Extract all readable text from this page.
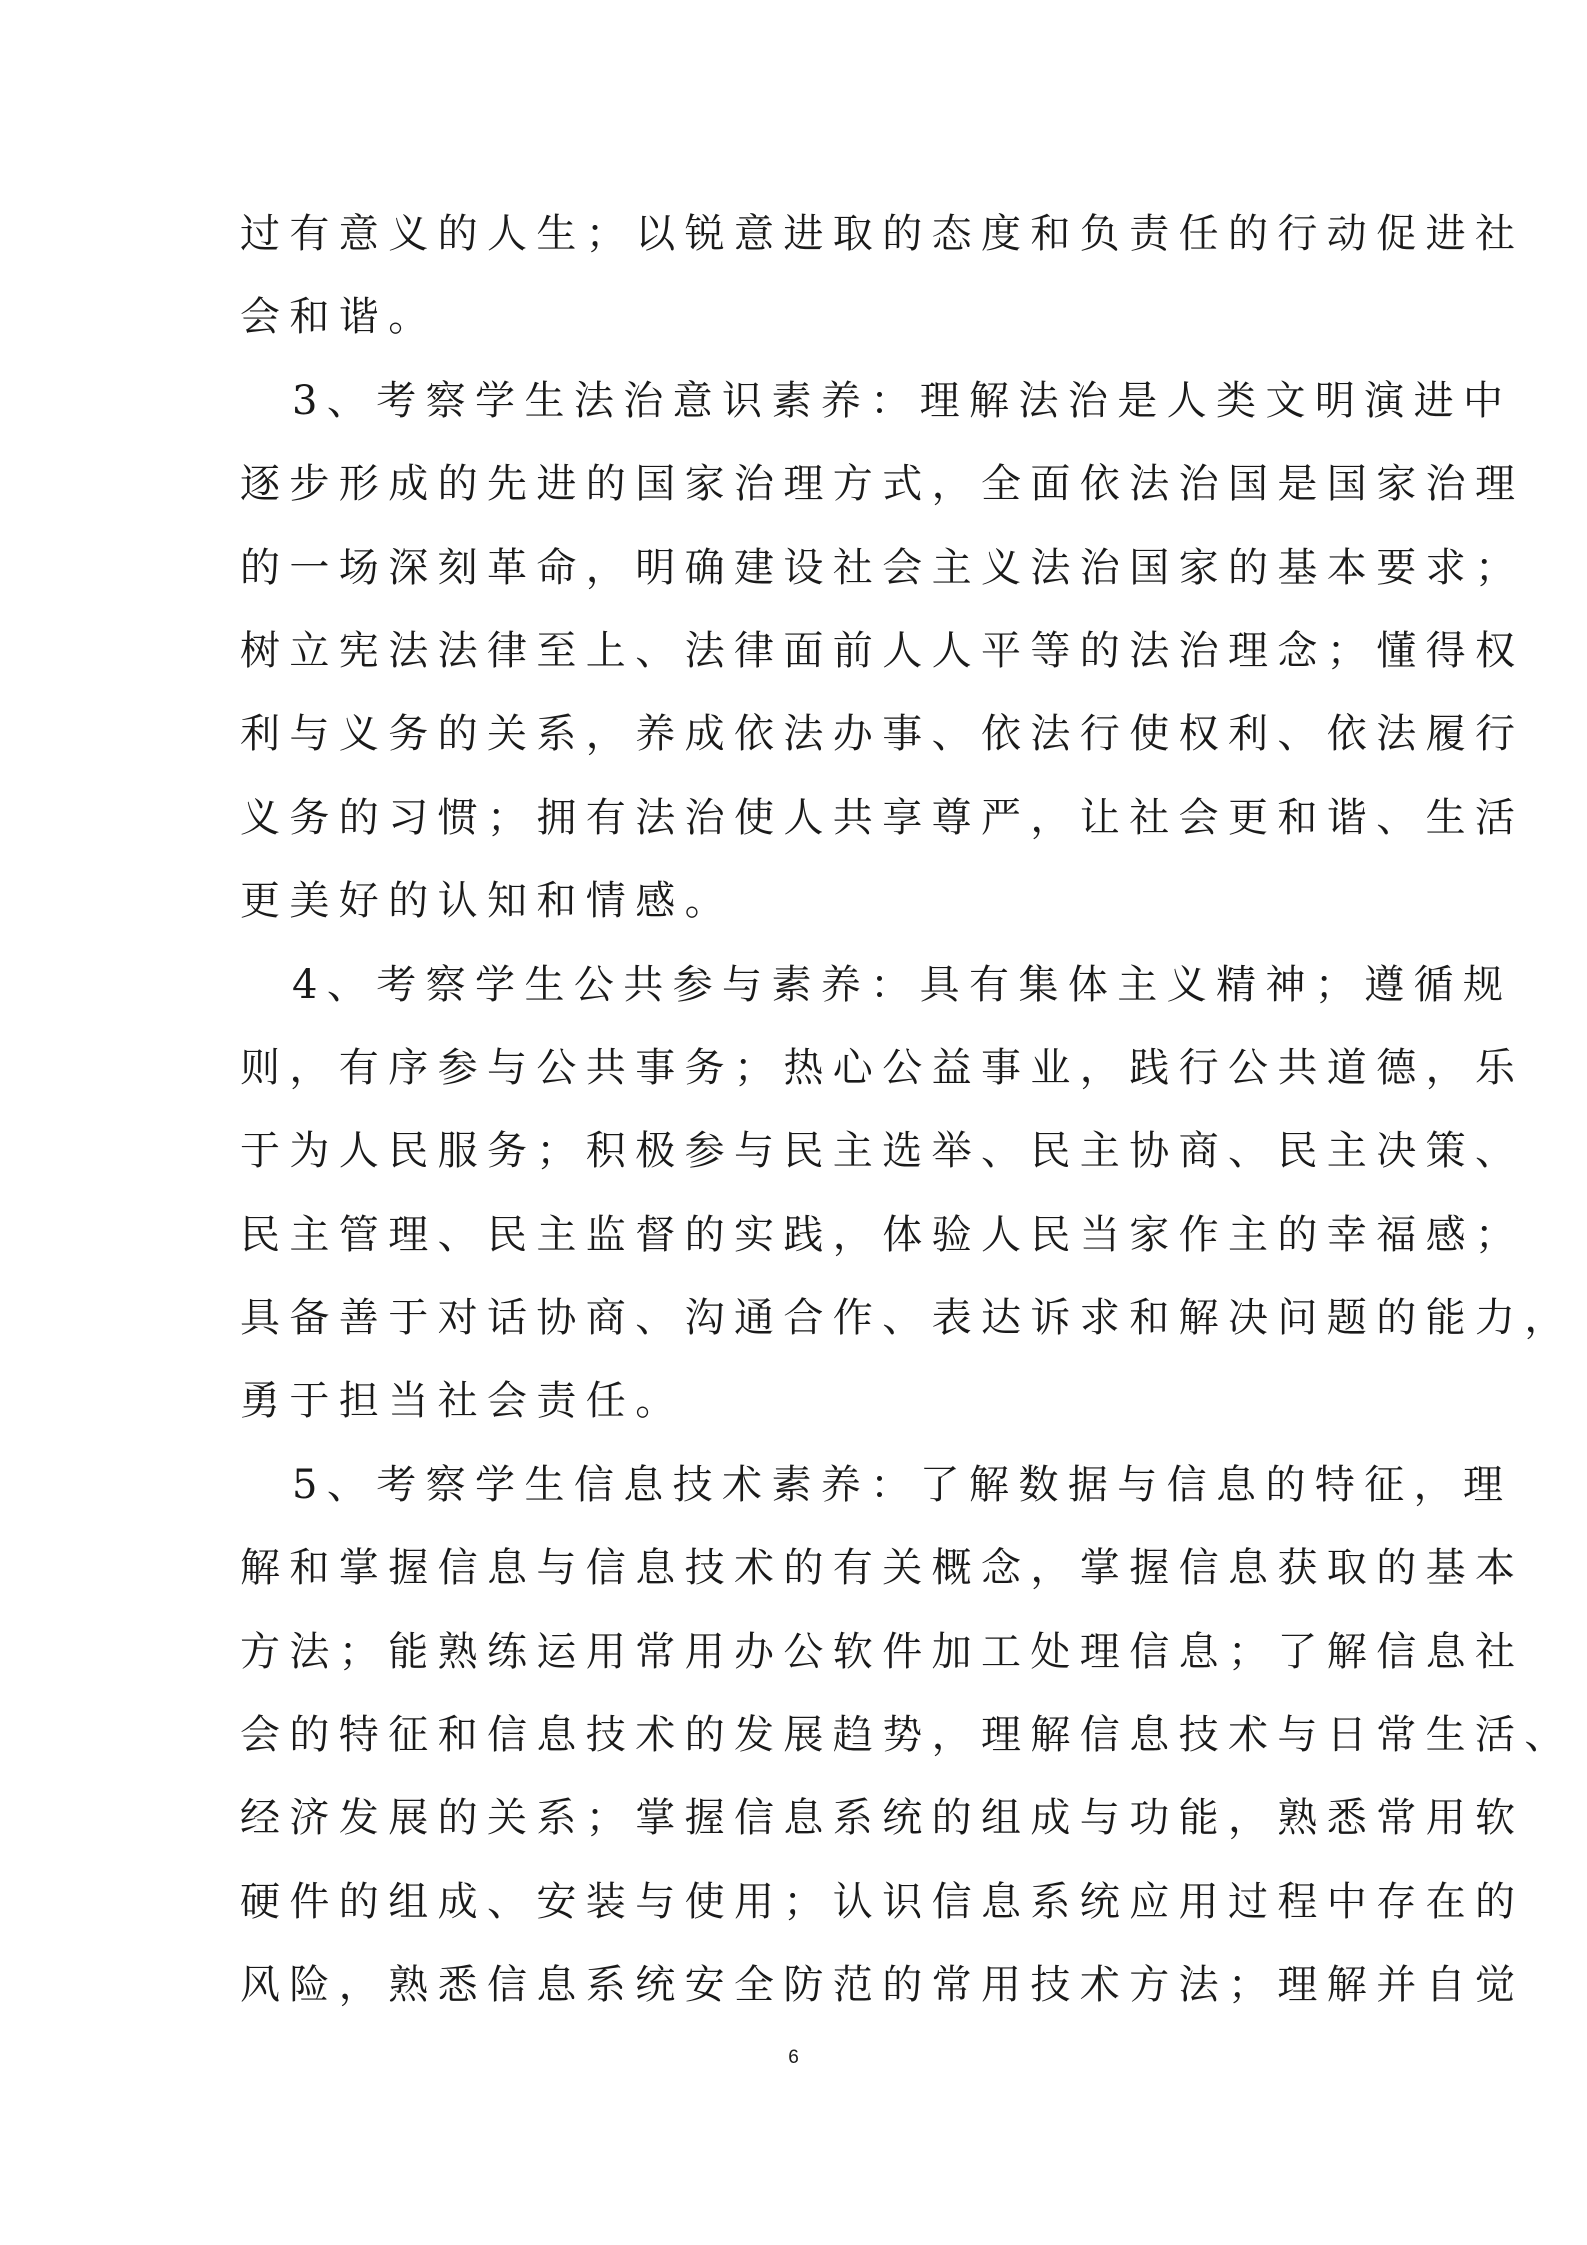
过有意义的人生；以锐意进取的态度和负责任的行动促进社
会和谐。
3、考察学生法治意识素养：理解法治是人类文明演进中
逐步形成的先进的国家治理方式，全面依法治国是国家治理
的一场深刻革命，明确建设社会主义法治国家的基本要求；
树立宪法法律至上、法律面前人人平等的法治理念；懂得权
利与义务的关系，养成依法办事、依法行使权利、依法履行
义务的习惯；拥有法治使人共享尊严，让社会更和谐、生活
更美好的认知和情感。
4、考察学生公共参与素养：具有集体主义精神；遵循规
则，有序参与公共事务；热心公益事业，践行公共道德，乐
于为人民服务；积极参与民主选举、民主协商、民主决策、
民主管理、民主监督的实践，体验人民当家作主的幸福感；
具备善于对话协商、沟通合作、表达诉求和解决问题的能力，
勇于担当社会责任。
5、考察学生信息技术素养：了解数据与信息的特征，理
解和掌握信息与信息技术的有关概念，掌握信息获取的基本
方法；能熟练运用常用办公软件加工处理信息；了解信息社
会的特征和信息技术的发展趋势，理解信息技术与日常生活、
经济发展的关系；掌握信息系统的组成与功能，熟悉常用软
硬件的组成、安装与使用；认识信息系统应用过程中存在的
风险，熟悉信息系统安全防范的常用技术方法；理解并自觉
6
